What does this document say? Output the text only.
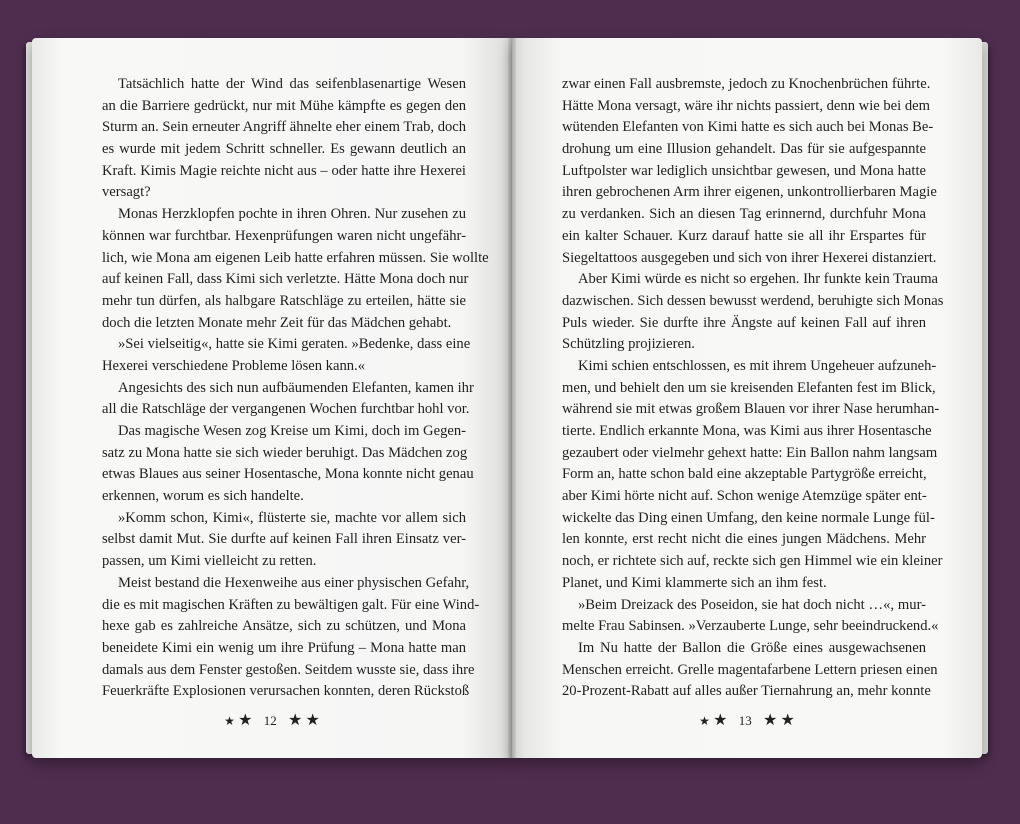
Tatsächlich hatte der Wind das seifenblasenartige Wesen
an die Barriere gedrückt, nur mit Mühe kämpfte es gegen den
Sturm an. Sein erneuter Angriff ähnelte eher einem Trab, doch
es wurde mit jedem Schritt schneller. Es gewann deutlich an
Kraft. Kimis Magie reichte nicht aus – oder hatte ihre Hexerei
versagt?
Monas Herzklopfen pochte in ihren Ohren. Nur zusehen zu
können war furchtbar. Hexenprüfungen waren nicht ungefähr-
lich, wie Mona am eigenen Leib hatte erfahren müssen. Sie wollte
auf keinen Fall, dass Kimi sich verletzte. Hätte Mona doch nur
mehr tun dürfen, als halbgare Ratschläge zu erteilen, hätte sie
doch die letzten Monate mehr Zeit für das Mädchen gehabt.
»Sei vielseitig«, hatte sie Kimi geraten. »Bedenke, dass eine
Hexerei verschiedene Probleme lösen kann.«
Angesichts des sich nun aufbäumenden Elefanten, kamen ihr
all die Ratschläge der vergangenen Wochen furchtbar hohl vor.
Das magische Wesen zog Kreise um Kimi, doch im Gegen-
satz zu Mona hatte sie sich wieder beruhigt. Das Mädchen zog
etwas Blaues aus seiner Hosentasche, Mona konnte nicht genau
erkennen, worum es sich handelte.
»Komm schon, Kimi«, flüsterte sie, machte vor allem sich
selbst damit Mut. Sie durfte auf keinen Fall ihren Einsatz ver-
passen, um Kimi vielleicht zu retten.
Meist bestand die Hexenweihe aus einer physischen Gefahr,
die es mit magischen Kräften zu bewältigen galt. Für eine Wind-
hexe gab es zahlreiche Ansätze, sich zu schützen, und Mona
beneidete Kimi ein wenig um ihre Prüfung – Mona hatte man
damals aus dem Fenster gestoßen. Seitdem wusste sie, dass ihre
Feuerkräfte Explosionen verursachen konnten, deren Rückstoß
★ ★ 12 ★ ★
zwar einen Fall ausbremste, jedoch zu Knochenbrüchen führte.
Hätte Mona versagt, wäre ihr nichts passiert, denn wie bei dem
wütenden Elefanten von Kimi hatte es sich auch bei Monas Be-
drohung um eine Illusion gehandelt. Das für sie aufgespannte
Luftpolster war lediglich unsichtbar gewesen, und Mona hatte
ihren gebrochenen Arm ihrer eigenen, unkontrollierbaren Magie
zu verdanken. Sich an diesen Tag erinnernd, durchfuhr Mona
ein kalter Schauer. Kurz darauf hatte sie all ihr Erspartes für
Siegeltattoos ausgegeben und sich von ihrer Hexerei distanziert.
Aber Kimi würde es nicht so ergehen. Ihr funkte kein Trauma
dazwischen. Sich dessen bewusst werdend, beruhigte sich Monas
Puls wieder. Sie durfte ihre Ängste auf keinen Fall auf ihren
Schützling projizieren.
Kimi schien entschlossen, es mit ihrem Ungeheuer aufzuneh-
men, und behielt den um sie kreisenden Elefanten fest im Blick,
während sie mit etwas großem Blauen vor ihrer Nase herumhan-
tierte. Endlich erkannte Mona, was Kimi aus ihrer Hosentasche
gezaubert oder vielmehr gehext hatte: Ein Ballon nahm langsam
Form an, hatte schon bald eine akzeptable Partygröße erreicht,
aber Kimi hörte nicht auf. Schon wenige Atemzüge später ent-
wickelte das Ding einen Umfang, den keine normale Lunge fül-
len konnte, erst recht nicht die eines jungen Mädchens. Mehr
noch, er richtete sich auf, reckte sich gen Himmel wie ein kleiner
Planet, und Kimi klammerte sich an ihm fest.
»Beim Dreizack des Poseidon, sie hat doch nicht …«, mur-
melte Frau Sabinsen. »Verzauberte Lunge, sehr beeindruckend.«
Im Nu hatte der Ballon die Größe eines ausgewachsenen
Menschen erreicht. Grelle magentafarbene Lettern priesen einen
20-Prozent-Rabatt auf alles außer Tiernahrung an, mehr konnte
★ ★ 13 ★ ★
